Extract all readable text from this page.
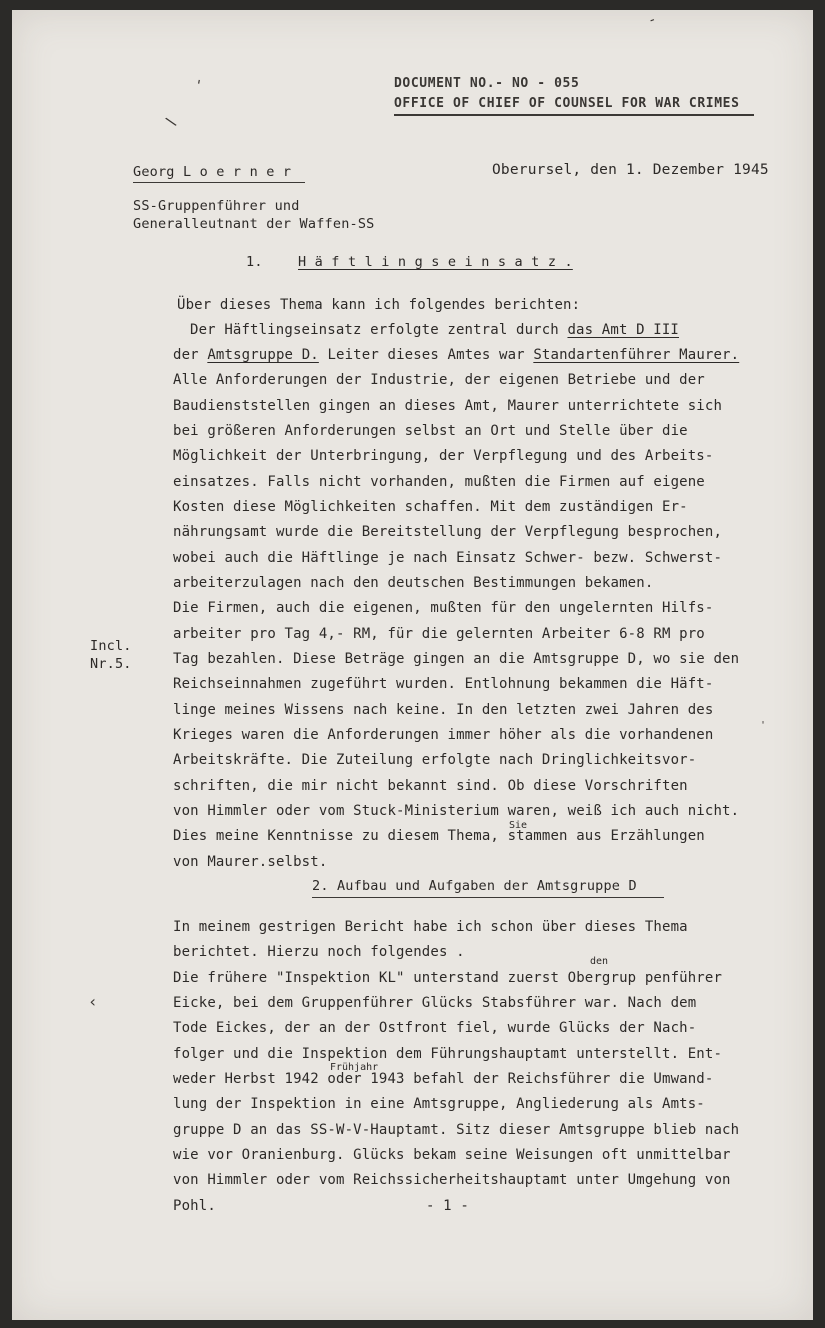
DOCUMENT NO.- NO - 055
OFFICE OF CHIEF OF COUNSEL FOR WAR CRIMES
Georg L o e r n e r
SS-Gruppenführer und
Generalleutnant der Waffen-SS
Oberursel, den 1. Dezember 1945
1.	H ä f t l i n g s e i n s a t z .
Über dieses Thema kann ich folgendes berichten:
Der Häftlingseinsatz erfolgte zentral durch das Amt D III
der Amtsgruppe D. Leiter dieses Amtes war Standartenführer Maurer.
Alle Anforderungen der Industrie, der eigenen Betriebe und der
Baudienststellen gingen an dieses Amt, Maurer unterrichtete sich
bei größeren Anforderungen selbst an Ort und Stelle über die
Möglichkeit der Unterbringung, der Verpflegung und des Arbeits-
einsatzes. Falls nicht vorhanden, mußten die Firmen auf eigene
Kosten diese Möglichkeiten schaffen. Mit dem zuständigen Er-
nährungsamt wurde die Bereitstellung der Verpflegung besprochen,
wobei auch die Häftlinge je nach Einsatz Schwer- bezw. Schwerst-
arbeiterzulagen nach den deutschen Bestimmungen bekamen.
Die Firmen, auch die eigenen, mußten für den ungelernten Hilfs-
arbeiter pro Tag 4,- RM, für die gelernten Arbeiter 6-8 RM pro
Tag bezahlen. Diese Beträge gingen an die Amtsgruppe D, wo sie den
Reichseinnahmen zugeführt wurden. Entlohnung bekammen die Häft-
linge meines Wissens nach keine. In den letzten zwei Jahren des
Krieges waren die Anforderungen immer höher als die vorhandenen
Arbeitskräfte. Die Zuteilung erfolgte nach Dringlichkeitsvor-
schriften, die mir nicht bekannt sind. Ob diese Vorschriften
von Himmler oder vom Stuck-Ministerium waren, weiß ich auch nicht.
Sie
Dies meine Kenntnisse zu diesem Thema, stammen aus Erzählungen
von Maurer.selbst.
Incl.
Nr.5.
2. Aufbau und Aufgaben der Amtsgruppe D
In meinem gestrigen Bericht habe ich schon über dieses Thema
berichtet. Hierzu noch folgendes .
den
Die frühere "Inspektion KL" unterstand zuerst Obergrup penführer
Eicke, bei dem Gruppenführer Glücks Stabsführer war. Nach dem
Tode Eickes, der an der Ostfront fiel, wurde Glücks der Nach-
folger und die Inspektion dem Führungshauptamt unterstellt. Ent-
Frühjahr
weder Herbst 1942 oder 1943 befahl der Reichsführer die Umwand-
lung der Inspektion in eine Amtsgruppe, Angliederung als Amts-
gruppe D an das SS-W-V-Hauptamt. Sitz dieser Amtsgruppe blieb nach
wie vor Oranienburg. Glücks bekam seine Weisungen oft unmittelbar
von Himmler oder vom Reichssicherheitshauptamt unter Umgehung von
Pohl.	- 1 -
'
\
-
‹
'
